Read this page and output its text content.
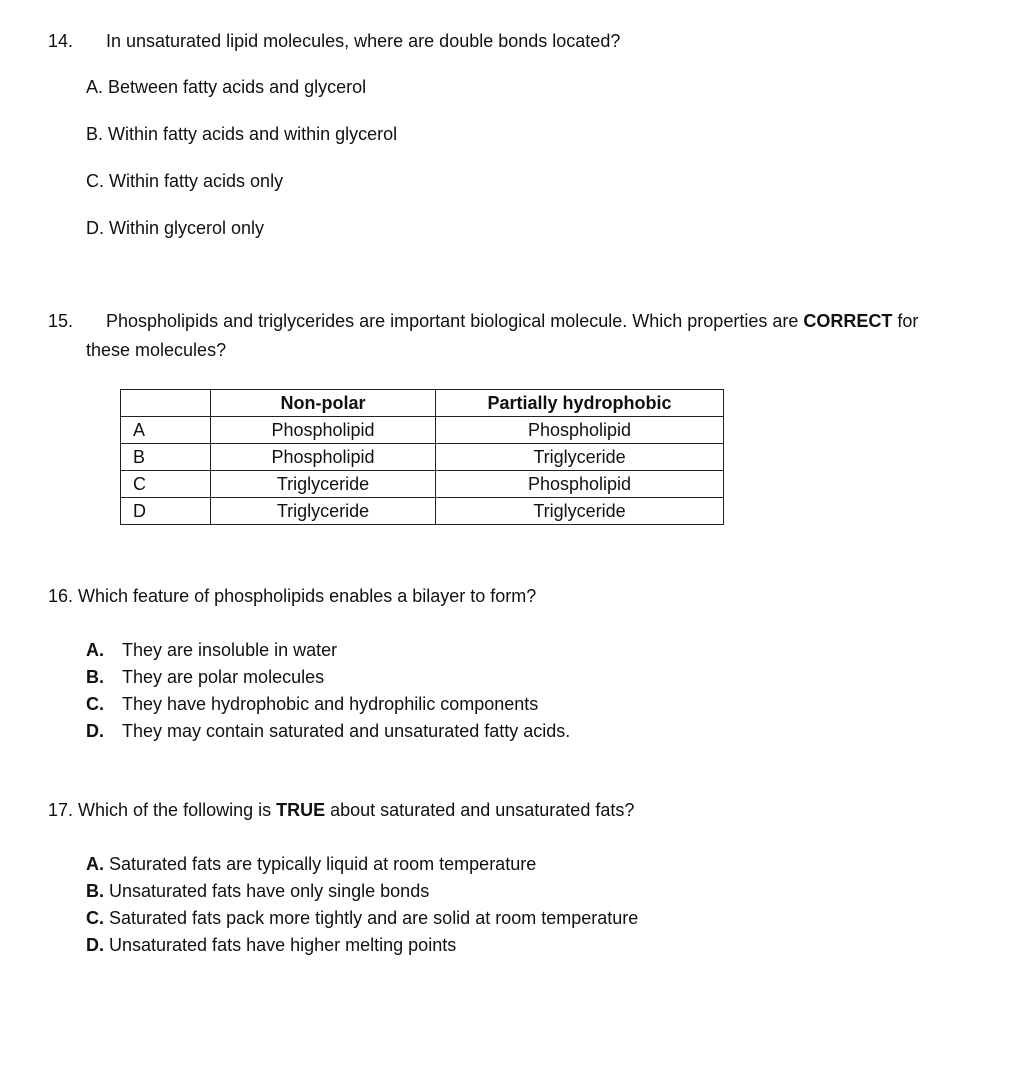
14. In unsaturated lipid molecules, where are double bonds located?
A. Between fatty acids and glycerol
B. Within fatty acids and within glycerol
C. Within fatty acids only
D. Within glycerol only
15. Phospholipids and triglycerides are important biological molecule. Which properties are CORRECT for
these molecules?
	Non-polar	Partially hydrophobic
A	Phospholipid	Phospholipid
B	Phospholipid	Triglyceride
C	Triglyceride	Phospholipid
D	Triglyceride	Triglyceride
16. Which feature of phospholipids enables a bilayer to form?
A. They are insoluble in water
B. They are polar molecules
C. They have hydrophobic and hydrophilic components
D. They may contain saturated and unsaturated fatty acids.
17. Which of the following is TRUE about saturated and unsaturated fats?
A. Saturated fats are typically liquid at room temperature
B. Unsaturated fats have only single bonds
C. Saturated fats pack more tightly and are solid at room temperature
D. Unsaturated fats have higher melting points
